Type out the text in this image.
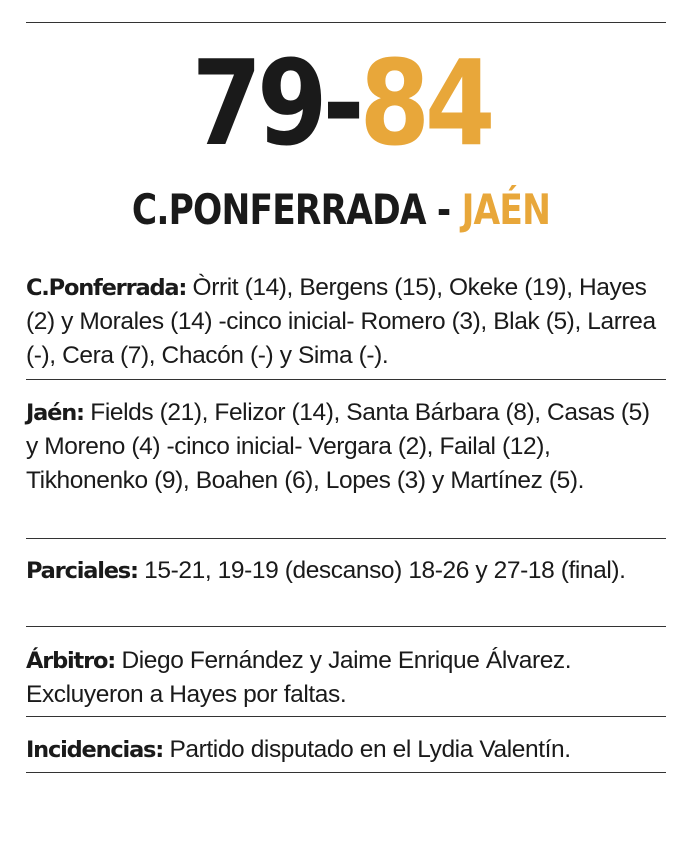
79-84
C.PONFERRADA - JAÉN
C.Ponferrada: Òrrit (14), Bergens (15), Okeke (19), Hayes (2) y Morales (14) -cinco inicial- Romero (3), Blak (5), Larrea (-), Cera (7), Chacón (-) y Sima (-).
Jaén: Fields (21), Felizor (14), Santa Bárbara (8), Casas (5) y Moreno (4) -cinco inicial- Vergara (2), Failal (12), Tikhonenko (9), Boahen (6), Lopes (3) y Martínez (5).
Parciales: 15-21, 19-19 (descanso) 18-26 y 27-18 (final).
Árbitro: Diego Fernández y Jaime Enrique Álvarez. Excluyeron a Hayes por faltas.
Incidencias: Partido disputado en el Lydia Valentín.
